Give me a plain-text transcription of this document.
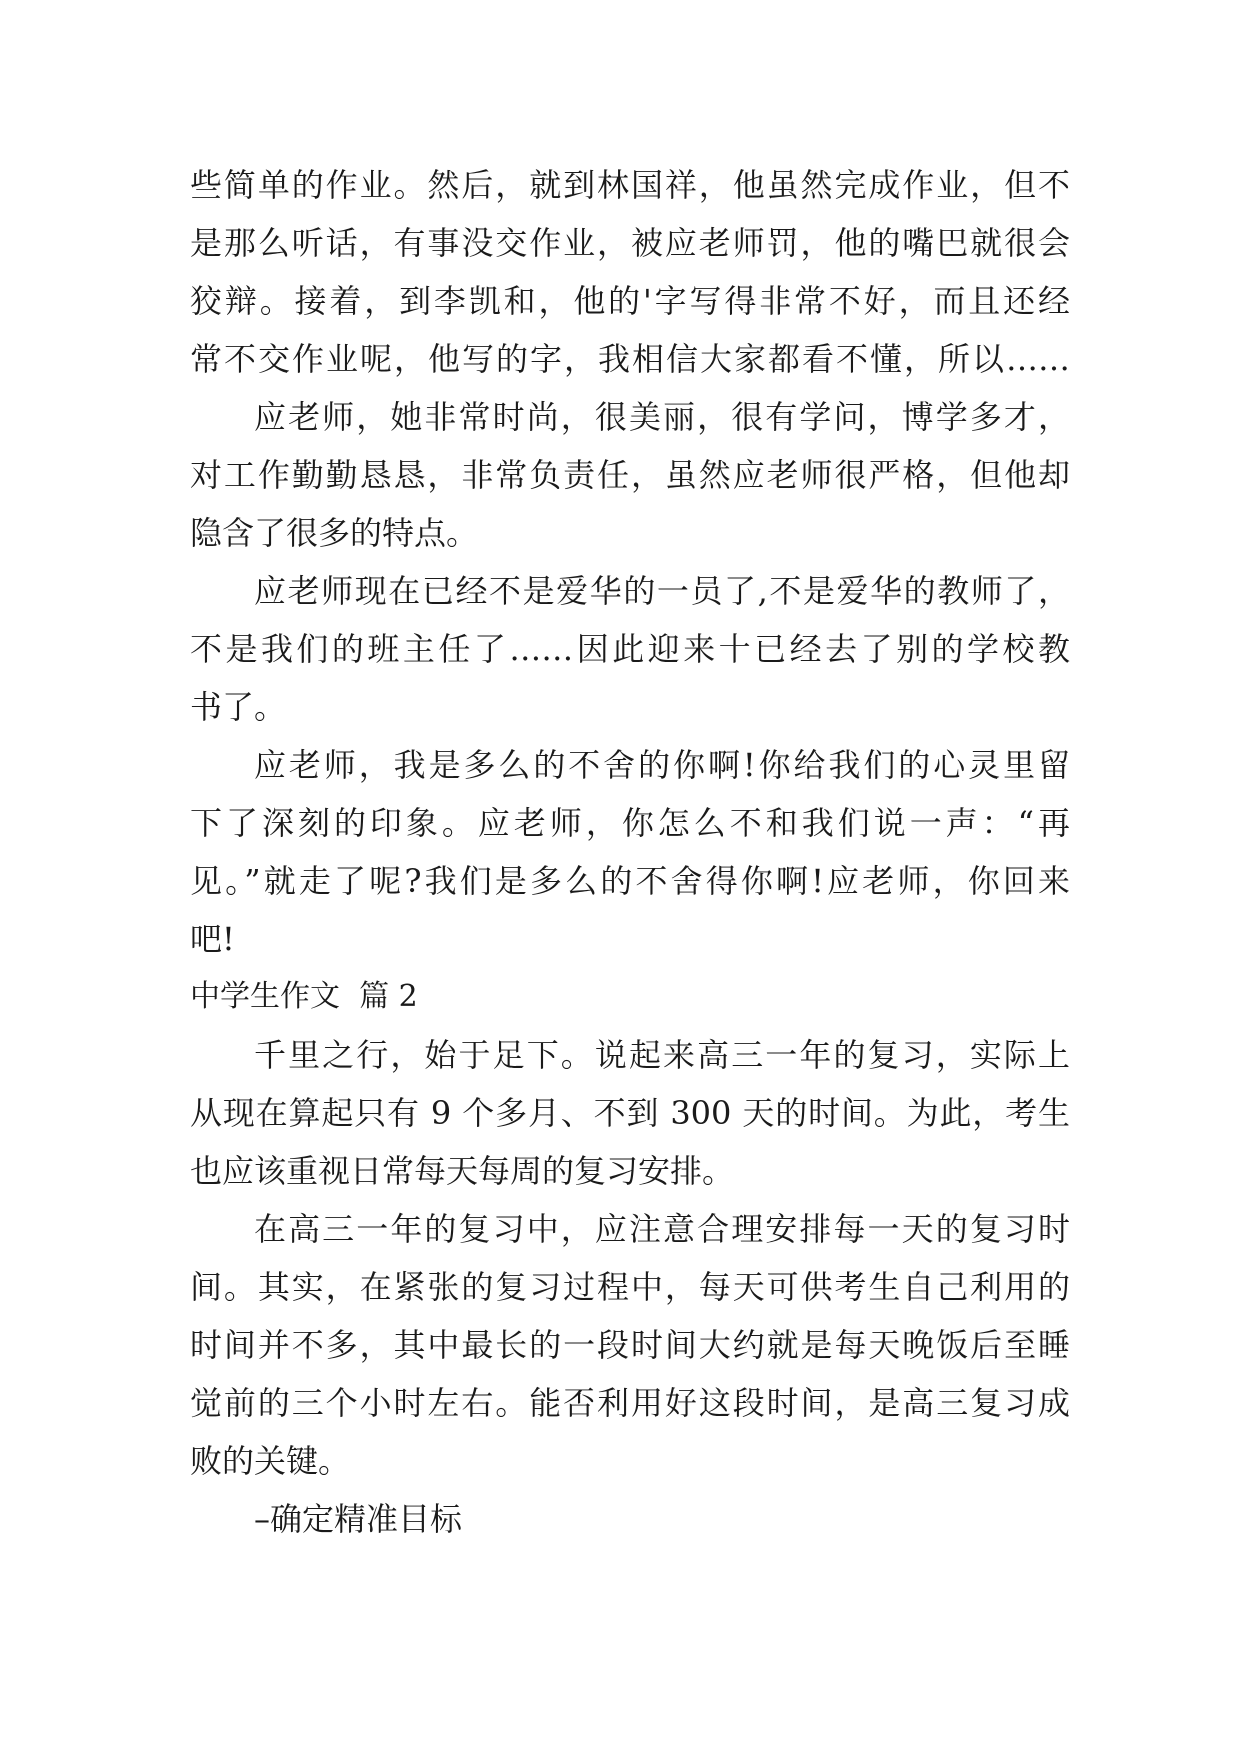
些简单的作业。然后，就到林国祥，他虽然完成作业，但不
是那么听话，有事没交作业，被应老师罚，他的嘴巴就很会
狡辩。接着，到李凯和，他的'字写得非常不好，而且还经
常不交作业呢，他写的字，我相信大家都看不懂，所以……
应老师，她非常时尚，很美丽，很有学问，博学多才，
对工作勤勤恳恳，非常负责任，虽然应老师很严格，但他却
隐含了很多的特点。
应老师现在已经不是爱华的一员了,不是爱华的教师了，
不是我们的班主任了……因此迎来十已经去了别的学校教
书了。
应老师，我是多么的不舍的你啊!你给我们的心灵里留
下了深刻的印象。应老师，你怎么不和我们说一声：“再
见。”就走了呢?我们是多么的不舍得你啊!应老师，你回来
吧!
中学生作文  篇 2
千里之行，始于足下。说起来高三一年的复习，实际上
从现在算起只有 9 个多月、不到 300 天的时间。为此，考生
也应该重视日常每天每周的复习安排。
在高三一年的复习中，应注意合理安排每一天的复习时
间。其实，在紧张的复习过程中，每天可供考生自己利用的
时间并不多，其中最长的一段时间大约就是每天晚饭后至睡
觉前的三个小时左右。能否利用好这段时间，是高三复习成
败的关键。
–确定精准目标
